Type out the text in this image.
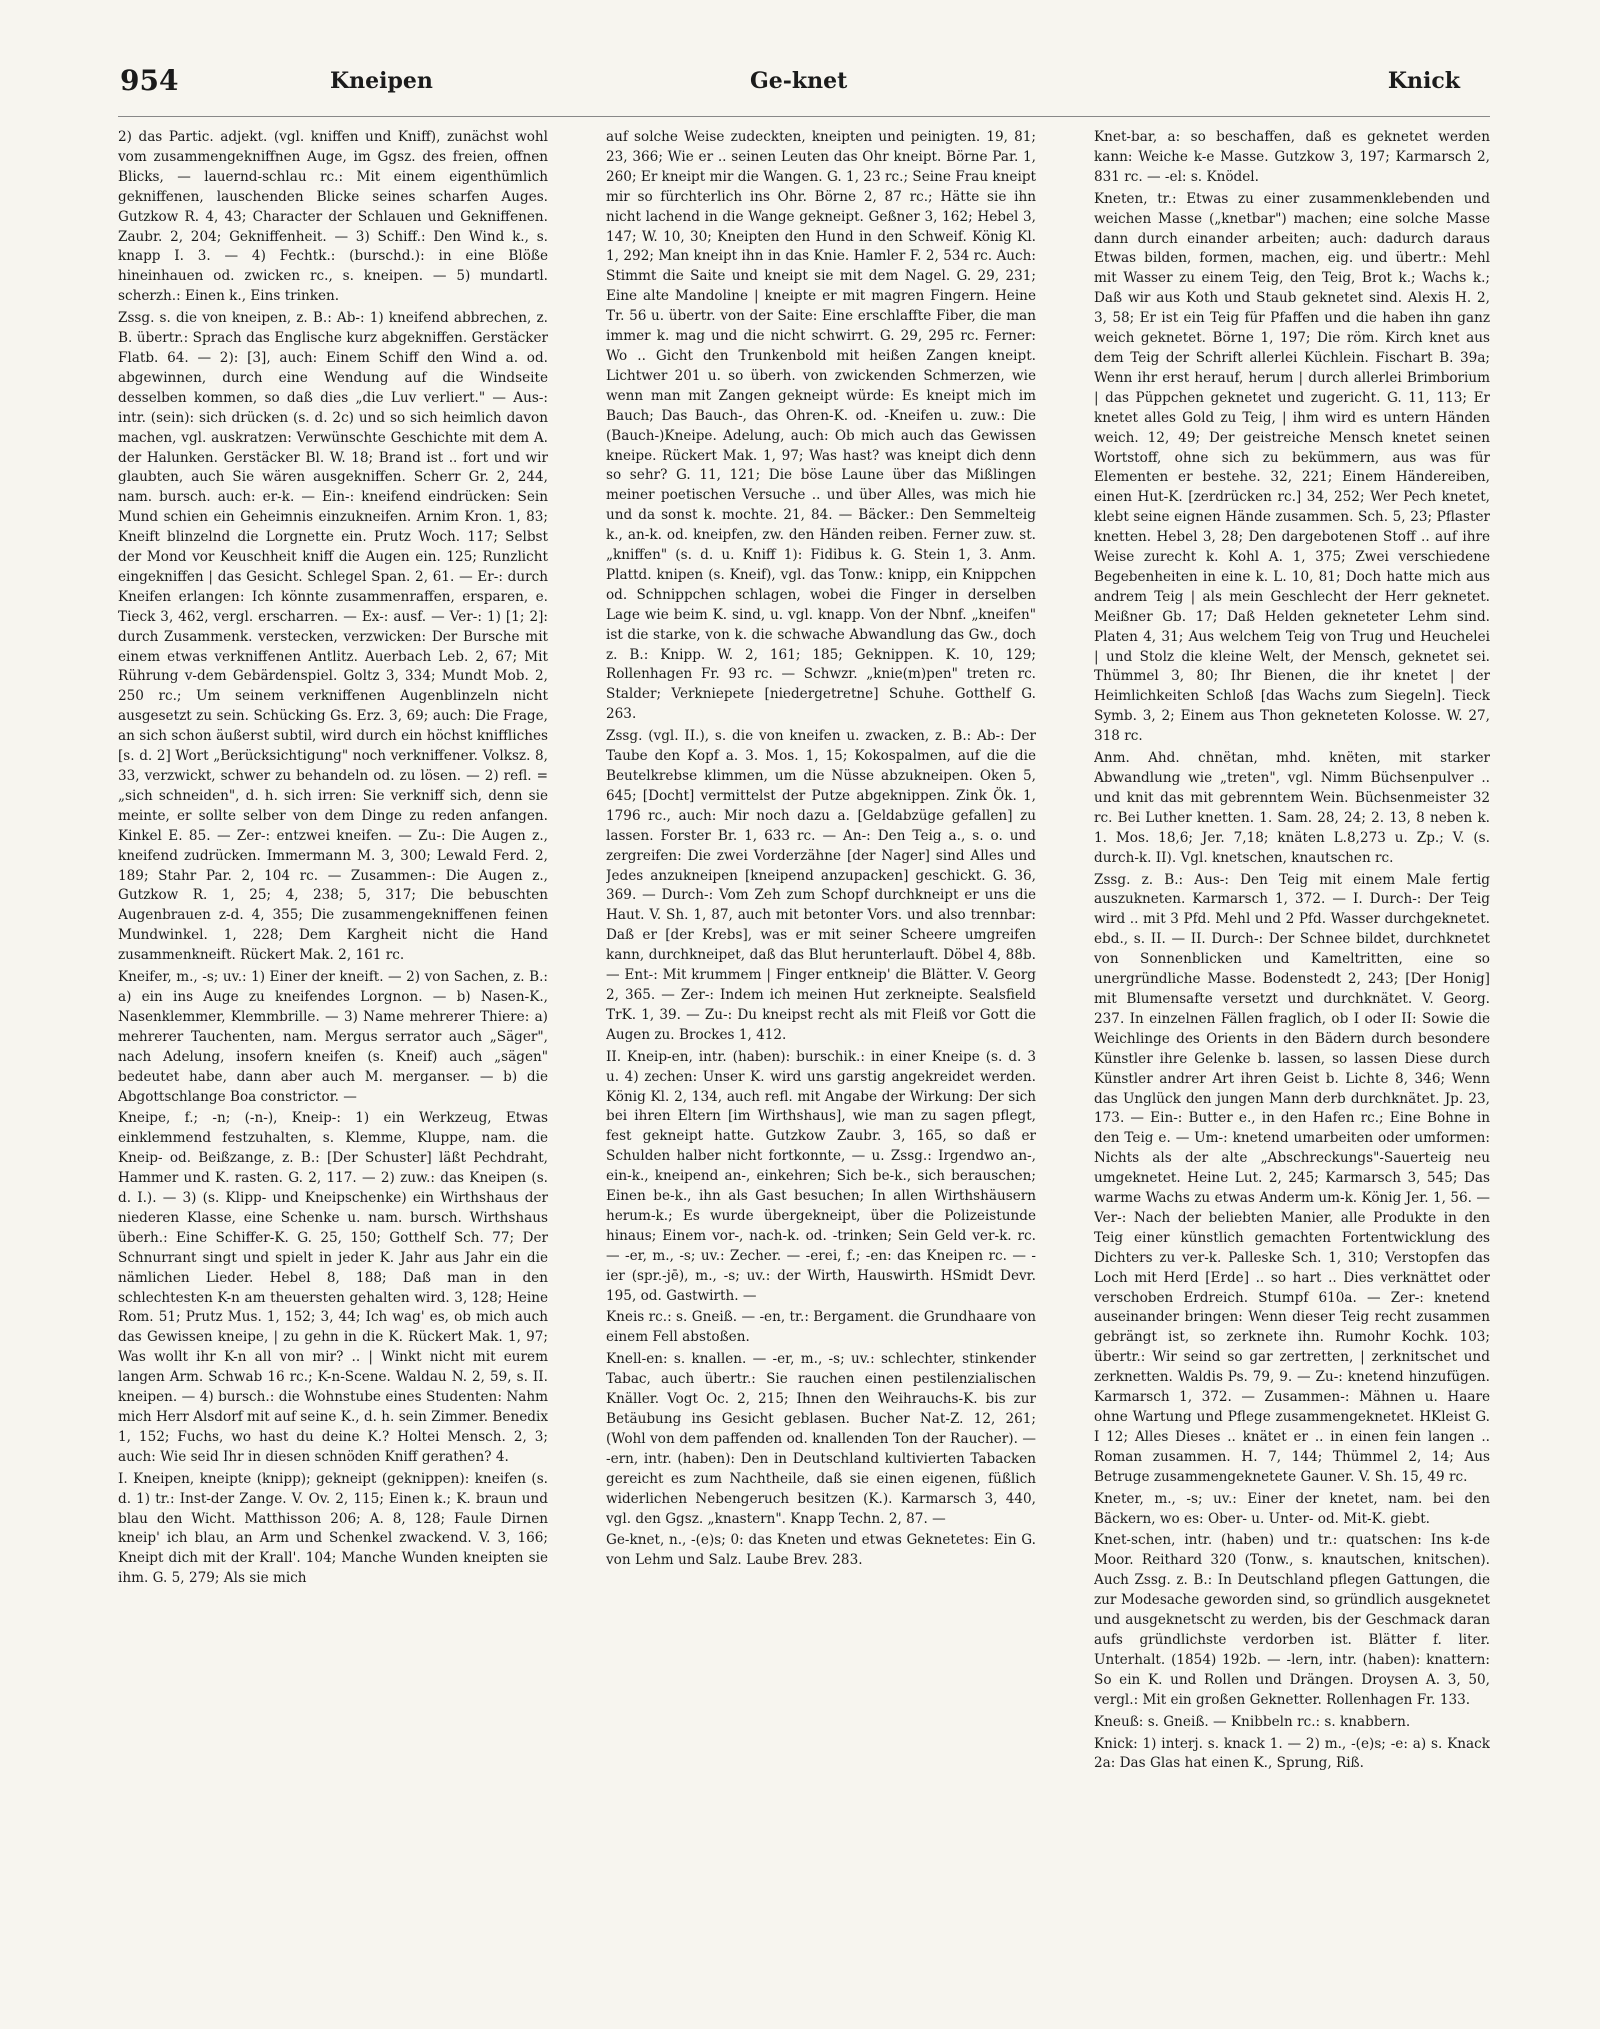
954	Kneipen	Ge-knet	Knick

2) das Partic. adjekt. (vgl. kniffen und Kniff), zunächst wohl vom zusammengekniffnen Auge, im Ggsz. des freien, offnen Blicks, — lauernd-schlau rc.: Mit einem eigenthümlich gekniffenen, lauschenden Blicke seines scharfen Auges. Gutzkow R. 4, 43; Character der Schlauen und Gekniffenen. Zaubr. 2, 204; Gekniffenheit. — 3) Schiff.: Den Wind k., s. knapp I. 3. — 4) Fechtk.: (burschd.): in eine Blöße hineinhauen od. zwicken rc., s. kneipen. — 5) mundartl. scherzh.: Einen k., Eins trinken.

Zssg. s. die von kneipen, z. B.: Ab-: 1) kneifend abbrechen, z. B. übertr.: Sprach das Englische kurz abgekniffen. Gerstäcker Flatb. 64. — 2): [3], auch: Einem Schiff den Wind a. od. abgewinnen, durch eine Wendung auf die Windseite desselben kommen, so daß dies „die Luv verliert." — Aus-: intr. (sein): sich drücken (s. d. 2c) und so sich heimlich davon machen, vgl. auskratzen: Verwünschte Geschichte mit dem A. der Halunken. Gerstäcker Bl. W. 18; Brand ist .. fort und wir glaubten, auch Sie wären ausgekniffen. Scherr Gr. 2, 244, nam. bursch. auch: er-k. — Ein-: kneifend eindrücken: Sein Mund schien ein Geheimnis einzukneifen. Arnim Kron. 1, 83; Kneift blinzelnd die Lorgnette ein. Prutz Woch. 117; Selbst der Mond vor Keuschheit kniff die Augen ein. 125; Runzlicht eingekniffen | das Gesicht. Schlegel Span. 2, 61. — Er-: durch Kneifen erlangen: Ich könnte zusammenraffen, ersparen, e. Tieck 3, 462, vergl. erscharren. — Ex-: ausf. — Ver-: 1) [1; 2]: durch Zusammenk. verstecken, verzwicken: Der Bursche mit einem etwas verkniffenen Antlitz. Auerbach Leb. 2, 67; Mit Rührung v-dem Gebärdenspiel. Goltz 3, 334; Mundt Mob. 2, 250 rc.; Um seinem verkniffenen Augenblinzeln nicht ausgesetzt zu sein. Schücking Gs. Erz. 3, 69; auch: Die Frage, an sich schon äußerst subtil, wird durch ein höchst kniffliches [s. d. 2] Wort „Berücksichtigung" noch verkniffener. Volksz. 8, 33, verzwickt, schwer zu behandeln od. zu lösen. — 2) refl. = „sich schneiden", d. h. sich irren: Sie verkniff sich, denn sie meinte, er sollte selber von dem Dinge zu reden anfangen. Kinkel E. 85. — Zer-: entzwei kneifen. — Zu-: Die Augen z., kneifend zudrücken. Immermann M. 3, 300; Lewald Ferd. 2, 189; Stahr Par. 2, 104 rc. — Zusammen-: Die Augen z., Gutzkow R. 1, 25; 4, 238; 5, 317; Die bebuschten Augenbrauen z-d. 4, 355; Die zusammengekniffenen feinen Mundwinkel. 1, 228; Dem Kargheit nicht die Hand zusammenkneift. Rückert Mak. 2, 161 rc.

Kneifer, m., -s; uv.: 1) Einer der kneift. — 2) von Sachen, z. B.: a) ein ins Auge zu kneifendes Lorgnon. — b) Nasen-K., Nasenklemmer, Klemmbrille. — 3) Name mehrerer Thiere: a) mehrerer Tauchenten, nam. Mergus serrator auch „Säger", nach Adelung, insofern kneifen (s. Kneif) auch „sägen" bedeutet habe, dann aber auch M. merganser. — b) die Abgottschlange Boa constrictor. —

Kneipe, f.; -n; (-n-), Kneip-: 1) ein Werkzeug, Etwas einklemmend festzuhalten, s. Klemme, Kluppe, nam. die Kneip- od. Beißzange, z. B.: [Der Schuster] läßt Pechdraht, Hammer und K. rasten. G. 2, 117. — 2) zuw.: das Kneipen (s. d. I.). — 3) (s. Klipp- und Kneipschenke) ein Wirthshaus der niederen Klasse, eine Schenke u. nam. bursch. Wirthshaus überh.: Eine Schiffer-K. G. 25, 150; Gotthelf Sch. 77; Der Schnurrant singt und spielt in jeder K. Jahr aus Jahr ein die nämlichen Lieder. Hebel 8, 188; Daß man in den schlechtesten K-n am theuersten gehalten wird. 3, 128; Heine Rom. 51; Prutz Mus. 1, 152; 3, 44; Ich wag' es, ob mich auch das Gewissen kneipe, | zu gehn in die K. Rückert Mak. 1, 97; Was wollt ihr K-n all von mir? .. | Winkt nicht mit eurem langen Arm. Schwab 16 rc.; K-n-Scene. Waldau N. 2, 59, s. II. kneipen. — 4) bursch.: die Wohnstube eines Studenten: Nahm mich Herr Alsdorf mit auf seine K., d. h. sein Zimmer. Benedix 1, 152; Fuchs, wo hast du deine K.? Holtei Mensch. 2, 3; auch: Wie seid Ihr in diesen schnöden Kniff gerathen? 4.

I. Kneipen, kneipte (knipp); gekneipt (geknippen): kneifen (s. d. 1) tr.: Inst-der Zange. V. Ov. 2, 115; Einen k.; K. braun und blau den Wicht. Matthisson 206; A. 8, 128; Faule Dirnen kneip' ich blau, an Arm und Schenkel zwackend. V. 3, 166; Kneipt dich mit der Krall'. 104; Manche Wunden kneipten sie ihm. G. 5, 279; Als sie mich

auf solche Weise zudeckten, kneipten und peinigten. 19, 81; 23, 366; Wie er .. seinen Leuten das Ohr kneipt. Börne Par. 1, 260; Er kneipt mir die Wangen. G. 1, 23 rc.; Seine Frau kneipt mir so fürchterlich ins Ohr. Börne 2, 87 rc.; Hätte sie ihn nicht lachend in die Wange gekneipt. Geßner 3, 162; Hebel 3, 147; W. 10, 30; Kneipten den Hund in den Schweif. König Kl. 1, 292; Man kneipt ihn in das Knie. Hamler F. 2, 534 rc. Auch: Stimmt die Saite und kneipt sie mit dem Nagel. G. 29, 231; Eine alte Mandoline | kneipte er mit magren Fingern. Heine Tr. 56 u. übertr. von der Saite: Eine erschlaffte Fiber, die man immer k. mag und die nicht schwirrt. G. 29, 295 rc. Ferner: Wo .. Gicht den Trunkenbold mit heißen Zangen kneipt. Lichtwer 201 u. so überh. von zwickenden Schmerzen, wie wenn man mit Zangen gekneipt würde: Es kneipt mich im Bauch; Das Bauch-, das Ohren-K. od. -Kneifen u. zuw.: Die (Bauch-)Kneipe. Adelung, auch: Ob mich auch das Gewissen kneipe. Rückert Mak. 1, 97; Was hast? was kneipt dich denn so sehr? G. 11, 121; Die böse Laune über das Mißlingen meiner poetischen Versuche .. und über Alles, was mich hie und da sonst k. mochte. 21, 84. — Bäcker.: Den Semmelteig k., an-k. od. kneipfen, zw. den Händen reiben. Ferner zuw. st. „kniffen" (s. d. u. Kniff 1): Fidibus k. G. Stein 1, 3. Anm. Plattd. knipen (s. Kneif), vgl. das Tonw.: knipp, ein Knippchen od. Schnippchen schlagen, wobei die Finger in derselben Lage wie beim K. sind, u. vgl. knapp. Von der Nbnf. „kneifen" ist die starke, von k. die schwache Abwandlung das Gw., doch z. B.: Knipp. W. 2, 161; 185; Geknippen. K. 10, 129; Rollenhagen Fr. 93 rc. — Schwzr. „knie(m)pen" treten rc. Stalder; Verkniepete [niedergetretne] Schuhe. Gotthelf G. 263.

Zssg. (vgl. II.), s. die von kneifen u. zwacken, z. B.: Ab-: Der Taube den Kopf a. 3. Mos. 1, 15; Kokospalmen, auf die die Beutelkrebse klimmen, um die Nüsse abzukneipen. Oken 5, 645; [Docht] vermittelst der Putze abgeknippen. Zink Ök. 1, 1796 rc., auch: Mir noch dazu a. [Geldabzüge gefallen] zu lassen. Forster Br. 1, 633 rc. — An-: Den Teig a., s. o. und zergreifen: Die zwei Vorderzähne [der Nager] sind Alles und Jedes anzukneipen [kneipend anzupacken] geschickt. G. 36, 369. — Durch-: Vom Zeh zum Schopf durchkneipt er uns die Haut. V. Sh. 1, 87, auch mit betonter Vors. und also trennbar: Daß er [der Krebs], was er mit seiner Scheere umgreifen kann, durchkneipet, daß das Blut herunterlauft. Döbel 4, 88b. — Ent-: Mit krummem | Finger entkneip' die Blätter. V. Georg 2, 365. — Zer-: Indem ich meinen Hut zerkneipte. Sealsfield TrK. 1, 39. — Zu-: Du kneipst recht als mit Fleiß vor Gott die Augen zu. Brockes 1, 412.

II. Kneip-en, intr. (haben): burschik.: in einer Kneipe (s. d. 3 u. 4) zechen: Unser K. wird uns garstig angekreidet werden. König Kl. 2, 134, auch refl. mit Angabe der Wirkung: Der sich bei ihren Eltern [im Wirthshaus], wie man zu sagen pflegt, fest gekneipt hatte. Gutzkow Zaubr. 3, 165, so daß er Schulden halber nicht fortkonnte, — u. Zssg.: Irgendwo an-, ein-k., kneipend an-, einkehren; Sich be-k., sich berauschen; Einen be-k., ihn als Gast besuchen; In allen Wirthshäusern herum-k.; Es wurde übergekneipt, über die Polizeistunde hinaus; Einem vor-, nach-k. od. -trinken; Sein Geld ver-k. rc. — -er, m., -s; uv.: Zecher. — -erei, f.; -en: das Kneipen rc. — -ier (spr.-jē), m., -s; uv.: der Wirth, Hauswirth. HSmidt Devr. 195, od. Gastwirth. —

Kneis rc.: s. Gneiß. — -en, tr.: Bergament. die Grundhaare von einem Fell abstoßen.

Knell-en: s. knallen. — -er, m., -s; uv.: schlechter, stinkender Tabac, auch übertr.: Sie rauchen einen pestilenzialischen Knäller. Vogt Oc. 2, 215; Ihnen den Weihrauchs-K. bis zur Betäubung ins Gesicht geblasen. Bucher Nat-Z. 12, 261; (Wohl von dem paffenden od. knallenden Ton der Raucher). — -ern, intr. (haben): Den in Deutschland kultivierten Tabacken gereicht es zum Nachtheile, daß sie einen eigenen, füßlich widerlichen Nebengeruch besitzen (K.). Karmarsch 3, 440, vgl. den Ggsz. „knastern". Knapp Techn. 2, 87. —

Ge-knet, n., -(e)s; 0: das Kneten und etwas Geknetetes: Ein G. von Lehm und Salz. Laube Brev. 283.

Knet-bar, a: so beschaffen, daß es geknetet werden kann: Weiche k-e Masse. Gutzkow 3, 197; Karmarsch 2, 831 rc. — -el: s. Knödel.

Kneten, tr.: Etwas zu einer zusammenklebenden und weichen Masse („knetbar") machen; eine solche Masse dann durch einander arbeiten; auch: dadurch daraus Etwas bilden, formen, machen, eig. und übertr.: Mehl mit Wasser zu einem Teig, den Teig, Brot k.; Wachs k.; Daß wir aus Koth und Staub geknetet sind. Alexis H. 2, 3, 58; Er ist ein Teig für Pfaffen und die haben ihn ganz weich geknetet. Börne 1, 197; Die röm. Kirch knet aus dem Teig der Schrift allerlei Küchlein. Fischart B. 39a; Wenn ihr erst herauf, herum | durch allerlei Brimborium | das Püppchen geknetet und zugericht. G. 11, 113; Er knetet alles Gold zu Teig, | ihm wird es untern Händen weich. 12, 49; Der geistreiche Mensch knetet seinen Wortstoff, ohne sich zu bekümmern, aus was für Elementen er bestehe. 32, 221; Einem Händereiben, einen Hut-K. [zerdrücken rc.] 34, 252; Wer Pech knetet, klebt seine eignen Hände zusammen. Sch. 5, 23; Pflaster knetten. Hebel 3, 28; Den dargebotenen Stoff .. auf ihre Weise zurecht k. Kohl A. 1, 375; Zwei verschiedene Begebenheiten in eine k. L. 10, 81; Doch hatte mich aus andrem Teig | als mein Geschlecht der Herr geknetet. Meißner Gb. 17; Daß Helden gekneteter Lehm sind. Platen 4, 31; Aus welchem Teig von Trug und Heuchelei | und Stolz die kleine Welt, der Mensch, geknetet sei. Thümmel 3, 80; Ihr Bienen, die ihr knetet | der Heimlichkeiten Schloß [das Wachs zum Siegeln]. Tieck Symb. 3, 2; Einem aus Thon gekneteten Kolosse. W. 27, 318 rc.

Anm. Ahd. chnëtan, mhd. knëten, mit starker Abwandlung wie „treten", vgl. Nimm Büchsenpulver .. und knit das mit gebrenntem Wein. Büchsenmeister 32 rc. Bei Luther knetten. 1. Sam. 28, 24; 2. 13, 8 neben k. 1. Mos. 18,6; Jer. 7,18; knäten L.8,273 u. Zp.; V. (s. durch-k. II). Vgl. knetschen, knautschen rc.

Zssg. z. B.: Aus-: Den Teig mit einem Male fertig auszukneten. Karmarsch 1, 372. — I. Durch-: Der Teig wird .. mit 3 Pfd. Mehl und 2 Pfd. Wasser durchgeknetet. ebd., s. II. — II. Durch-: Der Schnee bildet, durchknetet von Sonnenblicken und Kameltritten, eine so unergründliche Masse. Bodenstedt 2, 243; [Der Honig] mit Blumensafte versetzt und durchknätet. V. Georg. 237. In einzelnen Fällen fraglich, ob I oder II: Sowie die Weichlinge des Orients in den Bädern durch besondere Künstler ihre Gelenke b. lassen, so lassen Diese durch Künstler andrer Art ihren Geist b. Lichte 8, 346; Wenn das Unglück den jungen Mann derb durchknätet. Jp. 23, 173. — Ein-: Butter e., in den Hafen rc.; Eine Bohne in den Teig e. — Um-: knetend umarbeiten oder umformen: Nichts als der alte „Abschreckungs"-Sauerteig neu umgeknetet. Heine Lut. 2, 245; Karmarsch 3, 545; Das warme Wachs zu etwas Anderm um-k. König Jer. 1, 56. — Ver-: Nach der beliebten Manier, alle Produkte in den Teig einer künstlich gemachten Fortentwicklung des Dichters zu ver-k. Palleske Sch. 1, 310; Verstopfen das Loch mit Herd [Erde] .. so hart .. Dies verknättet oder verschoben Erdreich. Stumpf 610a. — Zer-: knetend auseinander bringen: Wenn dieser Teig recht zusammen gebrängt ist, so zerknete ihn. Rumohr Kochk. 103; übertr.: Wir seind so gar zertretten, | zerknitschet und zerknetten. Waldis Ps. 79, 9. — Zu-: knetend hinzufügen. Karmarsch 1, 372. — Zusammen-: Mähnen u. Haare ohne Wartung und Pflege zusammengeknetet. HKleist G. I 12; Alles Dieses .. knätet er .. in einen fein langen .. Roman zusammen. H. 7, 144; Thümmel 2, 14; Aus Betruge zusammengeknetete Gauner. V. Sh. 15, 49 rc.

Kneter, m., -s; uv.: Einer der knetet, nam. bei den Bäckern, wo es: Ober- u. Unter- od. Mit-K. giebt.

Knet-schen, intr. (haben) und tr.: quatschen: Ins k-de Moor. Reithard 320 (Tonw., s. knautschen, knitschen). Auch Zssg. z. B.: In Deutschland pflegen Gattungen, die zur Modesache geworden sind, so gründlich ausgeknetet und ausgeknetscht zu werden, bis der Geschmack daran aufs gründlichste verdorben ist. Blätter f. liter. Unterhalt. (1854) 192b. — -lern, intr. (haben): knattern: So ein K. und Rollen und Drängen. Droysen A. 3, 50, vergl.: Mit ein großen Geknetter. Rollenhagen Fr. 133.

Kneuß: s. Gneiß. — Knibbeln rc.: s. knabbern.

Knick: 1) interj. s. knack 1. — 2) m., -(e)s; -e: a) s. Knack 2a: Das Glas hat einen K., Sprung, Riß.
